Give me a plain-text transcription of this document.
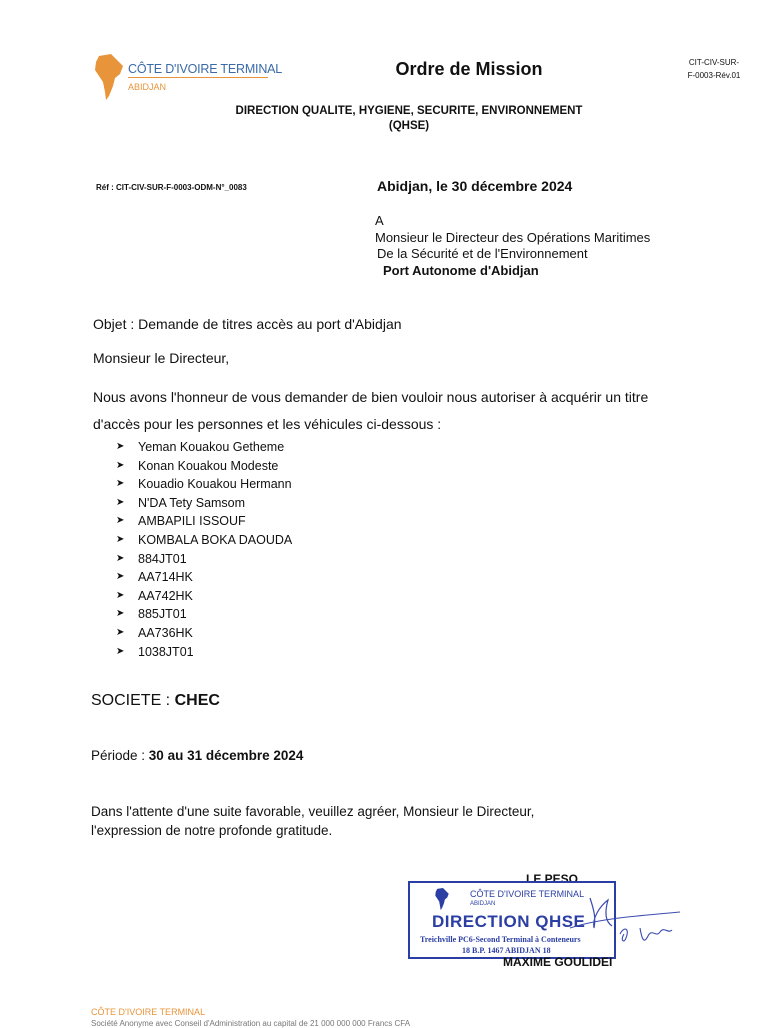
CÔTE D'IVOIRE TERMINAL
ABIDJAN
Ordre de Mission	CIT-CIV-SUR-
F-0003-Rév.01
DIRECTION QUALITE, HYGIENE, SECURITE, ENVIRONNEMENT
(QHSE)
Réf : CIT-CIV-SUR-F-0003-ODM-N°_0083	Abidjan, le 30 décembre 2024
A
Monsieur le Directeur des Opérations Maritimes
De la Sécurité et de l'Environnement
Port Autonome d'Abidjan
Objet : Demande de titres accès au port d'Abidjan
Monsieur le Directeur,
Nous avons l'honneur de vous demander de bien vouloir nous autoriser à acquérir un titre d'accès pour les personnes et les véhicules ci-dessous :
➤	Yeman Kouakou Getheme
➤	Konan Kouakou Modeste
➤	Kouadio Kouakou Hermann
➤	N'DA Tety Samsom
➤	AMBAPILI ISSOUF
➤	KOMBALA BOKA DAOUDA
➤	884JT01
➤	AA714HK
➤	AA742HK
➤	885JT01
➤	AA736HK
➤	1038JT01
SOCIETE : CHEC
Période : 30 au 31 décembre 2024
Dans l'attente d'une suite favorable, veuillez agréer, Monsieur le Directeur,
l'expression de notre profonde gratitude.
LE PESO
CÔTE D'IVOIRE TERMINAL
ABIDJAN
DIRECTION QHSE
Treichville PC6-Second Terminal à Conteneurs
18 B.P. 1467 ABIDJAN 18
MAXIME GOULIDEI
CÔTE D'IVOIRE TERMINAL
Société Anonyme avec Conseil d'Administration au capital de 21 000 000 000 Francs CFA
